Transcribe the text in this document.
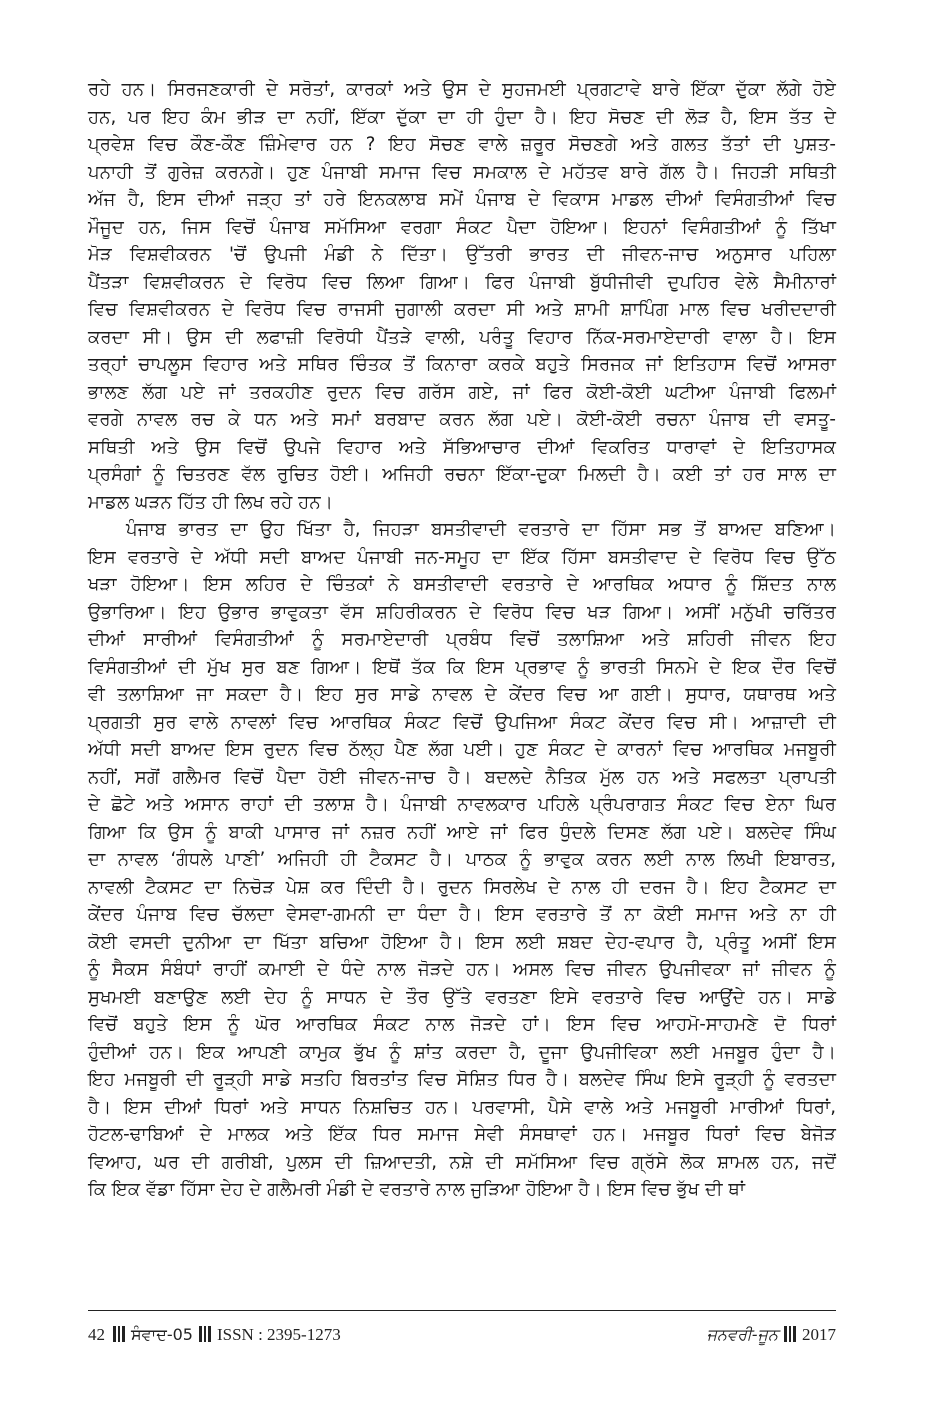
ਰਹੇ ਹਨ। ਸਿਰਜਣਕਾਰੀ ਦੇ ਸਰੋਤਾਂ, ਕਾਰਕਾਂ ਅਤੇ ਉਸ ਦੇ ਸੁਹਜਮਈ ਪ੍ਰਗਟਾਵੇ ਬਾਰੇ ਇੱਕਾ ਦੁੱਕਾ ਲੱਗੇ ਹੋਏ
ਹਨ, ਪਰ ਇਹ ਕੰਮ ਭੀੜ ਦਾ ਨਹੀਂ, ਇੱਕਾ ਦੁੱਕਾ ਦਾ ਹੀ ਹੁੰਦਾ ਹੈ। ਇਹ ਸੋਚਣ ਦੀ ਲੋੜ ਹੈ, ਇਸ ਤੱਤ ਦੇ
ਪ੍ਰਵੇਸ਼ ਵਿਚ ਕੌਣ-ਕੌਣ ਜ਼ਿੰਮੇਵਾਰ ਹਨ ? ਇਹ ਸੋਚਣ ਵਾਲੇ ਜ਼ਰੂਰ ਸੋਚਣਗੇ ਅਤੇ ਗਲਤ ਤੱਤਾਂ ਦੀ ਪੁਸ਼ਤ-
ਪਨਾਹੀ ਤੋਂ ਗੁਰੇਜ਼ ਕਰਨਗੇ। ਹੁਣ ਪੰਜਾਬੀ ਸਮਾਜ ਵਿਚ ਸਮਕਾਲ ਦੇ ਮਹੱਤਵ ਬਾਰੇ ਗੱਲ ਹੈ। ਜਿਹੜੀ ਸਥਿਤੀ
ਅੱਜ ਹੈ, ਇਸ ਦੀਆਂ ਜੜ੍ਹ ਤਾਂ ਹਰੇ ਇਨਕਲਾਬ ਸਮੇਂ ਪੰਜਾਬ ਦੇ ਵਿਕਾਸ ਮਾਡਲ ਦੀਆਂ ਵਿਸੰਗਤੀਆਂ ਵਿਚ
ਮੌਜੂਦ ਹਨ, ਜਿਸ ਵਿਚੋਂ ਪੰਜਾਬ ਸਮੱਸਿਆ ਵਰਗਾ ਸੰਕਟ ਪੈਦਾ ਹੋਇਆ। ਇਹਨਾਂ ਵਿਸੰਗਤੀਆਂ ਨੂੰ ਤਿੱਖਾ
ਮੋੜ ਵਿਸ਼ਵੀਕਰਨ 'ਚੋਂ ਉਪਜੀ ਮੰਡੀ ਨੇ ਦਿੱਤਾ। ਉੱਤਰੀ ਭਾਰਤ ਦੀ ਜੀਵਨ-ਜਾਚ ਅਨੁਸਾਰ ਪਹਿਲਾ
ਪੈਂਤੜਾ ਵਿਸ਼ਵੀਕਰਨ ਦੇ ਵਿਰੋਧ ਵਿਚ ਲਿਆ ਗਿਆ। ਫਿਰ ਪੰਜਾਬੀ ਬੁੱਧੀਜੀਵੀ ਦੁਪਹਿਰ ਵੇਲੇ ਸੈਮੀਨਾਰਾਂ
ਵਿਚ ਵਿਸ਼ਵੀਕਰਨ ਦੇ ਵਿਰੋਧ ਵਿਚ ਰਾਜਸੀ ਜੁਗਾਲੀ ਕਰਦਾ ਸੀ ਅਤੇ ਸ਼ਾਮੀ ਸ਼ਾਪਿੰਗ ਮਾਲ ਵਿਚ ਖਰੀਦਦਾਰੀ
ਕਰਦਾ ਸੀ। ਉਸ ਦੀ ਲਫਾਜ਼ੀ ਵਿਰੋਧੀ ਪੈਂਤੜੇ ਵਾਲੀ, ਪਰੰਤੂ ਵਿਹਾਰ ਨਿੱਕ-ਸਰਮਾਏਦਾਰੀ ਵਾਲਾ ਹੈ। ਇਸ
ਤਰ੍ਹਾਂ ਚਾਪਲੂਸ ਵਿਹਾਰ ਅਤੇ ਸਥਿਰ ਚਿੰਤਕ ਤੋਂ ਕਿਨਾਰਾ ਕਰਕੇ ਬਹੁਤੇ ਸਿਰਜਕ ਜਾਂ ਇਤਿਹਾਸ ਵਿਚੋਂ ਆਸਰਾ
ਭਾਲਣ ਲੱਗ ਪਏ ਜਾਂ ਤਰਕਹੀਣ ਰੁਦਨ ਵਿਚ ਗਰੱਸ ਗਏ, ਜਾਂ ਫਿਰ ਕੋਈ-ਕੋਈ ਘਟੀਆ ਪੰਜਾਬੀ ਫਿਲਮਾਂ
ਵਰਗੇ ਨਾਵਲ ਰਚ ਕੇ ਧਨ ਅਤੇ ਸਮਾਂ ਬਰਬਾਦ ਕਰਨ ਲੱਗ ਪਏ। ਕੋਈ-ਕੋਈ ਰਚਨਾ ਪੰਜਾਬ ਦੀ ਵਸਤੂ-
ਸਥਿਤੀ ਅਤੇ ਉਸ ਵਿਚੋਂ ਉਪਜੇ ਵਿਹਾਰ ਅਤੇ ਸੱਭਿਆਚਾਰ ਦੀਆਂ ਵਿਕਰਿਤ ਧਾਰਾਵਾਂ ਦੇ ਇਤਿਹਾਸਕ
ਪ੍ਰਸੰਗਾਂ ਨੂੰ ਚਿਤਰਣ ਵੱਲ ਰੁਚਿਤ ਹੋਈ। ਅਜਿਹੀ ਰਚਨਾ ਇੱਕਾ-ਦੁਕਾ ਮਿਲਦੀ ਹੈ। ਕਈ ਤਾਂ ਹਰ ਸਾਲ ਦਾ
ਮਾਡਲ ਘੜਨ ਹਿੱਤ ਹੀ ਲਿਖ ਰਹੇ ਹਨ।
ਪੰਜਾਬ ਭਾਰਤ ਦਾ ਉਹ ਖਿੱਤਾ ਹੈ, ਜਿਹੜਾ ਬਸਤੀਵਾਦੀ ਵਰਤਾਰੇ ਦਾ ਹਿੱਸਾ ਸਭ ਤੋਂ ਬਾਅਦ ਬਣਿਆ।
ਇਸ ਵਰਤਾਰੇ ਦੇ ਅੱਧੀ ਸਦੀ ਬਾਅਦ ਪੰਜਾਬੀ ਜਨ-ਸਮੂਹ ਦਾ ਇੱਕ ਹਿੱਸਾ ਬਸਤੀਵਾਦ ਦੇ ਵਿਰੋਧ ਵਿਚ ਉੱਠ
ਖੜਾ ਹੋਇਆ। ਇਸ ਲਹਿਰ ਦੇ ਚਿੰਤਕਾਂ ਨੇ ਬਸਤੀਵਾਦੀ ਵਰਤਾਰੇ ਦੇ ਆਰਥਿਕ ਅਧਾਰ ਨੂੰ ਸ਼ਿੱਦਤ ਨਾਲ
ਉਭਾਰਿਆ। ਇਹ ਉਭਾਰ ਭਾਵੁਕਤਾ ਵੱਸ ਸ਼ਹਿਰੀਕਰਨ ਦੇ ਵਿਰੋਧ ਵਿਚ ਖੜ ਗਿਆ। ਅਸੀਂ ਮਨੁੱਖੀ ਚਰਿੱਤਰ
ਦੀਆਂ ਸਾਰੀਆਂ ਵਿਸੰਗਤੀਆਂ ਨੂੰ ਸਰਮਾਏਦਾਰੀ ਪ੍ਰਬੰਧ ਵਿਚੋਂ ਤਲਾਸ਼ਿਆ ਅਤੇ ਸ਼ਹਿਰੀ ਜੀਵਨ ਇਹ
ਵਿਸੰਗਤੀਆਂ ਦੀ ਮੁੱਖ ਸੁਰ ਬਣ ਗਿਆ। ਇਥੋਂ ਤੱਕ ਕਿ ਇਸ ਪ੍ਰਭਾਵ ਨੂੰ ਭਾਰਤੀ ਸਿਨਮੇ ਦੇ ਇਕ ਦੌਰ ਵਿਚੋਂ
ਵੀ ਤਲਾਸ਼ਿਆ ਜਾ ਸਕਦਾ ਹੈ। ਇਹ ਸੁਰ ਸਾਡੇ ਨਾਵਲ ਦੇ ਕੇਂਦਰ ਵਿਚ ਆ ਗਈ। ਸੁਧਾਰ, ਯਥਾਰਥ ਅਤੇ
ਪ੍ਰਗਤੀ ਸੁਰ ਵਾਲੇ ਨਾਵਲਾਂ ਵਿਚ ਆਰਥਿਕ ਸੰਕਟ ਵਿਚੋਂ ਉਪਜਿਆ ਸੰਕਟ ਕੇਂਦਰ ਵਿਚ ਸੀ। ਆਜ਼ਾਦੀ ਦੀ
ਅੱਧੀ ਸਦੀ ਬਾਅਦ ਇਸ ਰੁਦਨ ਵਿਚ ਠੱਲ੍ਹ ਪੈਣ ਲੱਗ ਪਈ। ਹੁਣ ਸੰਕਟ ਦੇ ਕਾਰਨਾਂ ਵਿਚ ਆਰਥਿਕ ਮਜਬੂਰੀ
ਨਹੀਂ, ਸਗੋਂ ਗਲੈਮਰ ਵਿਚੋਂ ਪੈਦਾ ਹੋਈ ਜੀਵਨ-ਜਾਚ ਹੈ। ਬਦਲਦੇ ਨੈਤਿਕ ਮੁੱਲ ਹਨ ਅਤੇ ਸਫਲਤਾ ਪ੍ਰਾਪਤੀ
ਦੇ ਛੋਟੇ ਅਤੇ ਅਸਾਨ ਰਾਹਾਂ ਦੀ ਤਲਾਸ਼ ਹੈ। ਪੰਜਾਬੀ ਨਾਵਲਕਾਰ ਪਹਿਲੇ ਪ੍ਰੰਪਰਾਗਤ ਸੰਕਟ ਵਿਚ ਏਨਾ ਘਿਰ
ਗਿਆ ਕਿ ਉਸ ਨੂੰ ਬਾਕੀ ਪਾਸਾਰ ਜਾਂ ਨਜ਼ਰ ਨਹੀਂ ਆਏ ਜਾਂ ਫਿਰ ਧੁੰਦਲੇ ਦਿਸਣ ਲੱਗ ਪਏ। ਬਲਦੇਵ ਸਿੰਘ
ਦਾ ਨਾਵਲ ‘ਗੰਧਲੇ ਪਾਣੀ’ ਅਜਿਹੀ ਹੀ ਟੈਕਸਟ ਹੈ। ਪਾਠਕ ਨੂੰ ਭਾਵੁਕ ਕਰਨ ਲਈ ਨਾਲ ਲਿਖੀ ਇਬਾਰਤ,
ਨਾਵਲੀ ਟੈਕਸਟ ਦਾ ਨਿਚੋੜ ਪੇਸ਼ ਕਰ ਦਿੰਦੀ ਹੈ। ਰੁਦਨ ਸਿਰਲੇਖ ਦੇ ਨਾਲ ਹੀ ਦਰਜ ਹੈ। ਇਹ ਟੈਕਸਟ ਦਾ
ਕੇਂਦਰ ਪੰਜਾਬ ਵਿਚ ਚੱਲਦਾ ਵੇਸਵਾ-ਗਮਨੀ ਦਾ ਧੰਦਾ ਹੈ। ਇਸ ਵਰਤਾਰੇ ਤੋਂ ਨਾ ਕੋਈ ਸਮਾਜ ਅਤੇ ਨਾ ਹੀ
ਕੋਈ ਵਸਦੀ ਦੁਨੀਆ ਦਾ ਖਿੱਤਾ ਬਚਿਆ ਹੋਇਆ ਹੈ। ਇਸ ਲਈ ਸ਼ਬਦ ਦੇਹ-ਵਪਾਰ ਹੈ, ਪ੍ਰੰਤੂ ਅਸੀਂ ਇਸ
ਨੂੰ ਸੈਕਸ ਸੰਬੰਧਾਂ ਰਾਹੀਂ ਕਮਾਈ ਦੇ ਧੰਦੇ ਨਾਲ ਜੋੜਦੇ ਹਨ। ਅਸਲ ਵਿਚ ਜੀਵਨ ਉਪਜੀਵਕਾ ਜਾਂ ਜੀਵਨ ਨੂੰ
ਸੁਖਮਈ ਬਣਾਉਣ ਲਈ ਦੇਹ ਨੂੰ ਸਾਧਨ ਦੇ ਤੌਰ ਉੱਤੇ ਵਰਤਣਾ ਇਸੇ ਵਰਤਾਰੇ ਵਿਚ ਆਉਂਦੇ ਹਨ। ਸਾਡੇ
ਵਿਚੋਂ ਬਹੁਤੇ ਇਸ ਨੂੰ ਘੋਰ ਆਰਥਿਕ ਸੰਕਟ ਨਾਲ ਜੋੜਦੇ ਹਾਂ। ਇਸ ਵਿਚ ਆਹਮੋ-ਸਾਹਮਣੇ ਦੋ ਧਿਰਾਂ
ਹੁੰਦੀਆਂ ਹਨ। ਇਕ ਆਪਣੀ ਕਾਮੁਕ ਭੁੱਖ ਨੂੰ ਸ਼ਾਂਤ ਕਰਦਾ ਹੈ, ਦੂਜਾ ਉਪਜੀਵਿਕਾ ਲਈ ਮਜਬੂਰ ਹੁੰਦਾ ਹੈ।
ਇਹ ਮਜਬੂਰੀ ਦੀ ਰੂੜ੍ਹੀ ਸਾਡੇ ਸਤਹਿ ਬਿਰਤਾਂਤ ਵਿਚ ਸੋਸ਼ਿਤ ਧਿਰ ਹੈ। ਬਲਦੇਵ ਸਿੰਘ ਇਸੇ ਰੂੜ੍ਹੀ ਨੂੰ ਵਰਤਦਾ
ਹੈ। ਇਸ ਦੀਆਂ ਧਿਰਾਂ ਅਤੇ ਸਾਧਨ ਨਿਸ਼ਚਿਤ ਹਨ। ਪਰਵਾਸੀ, ਪੈਸੇ ਵਾਲੇ ਅਤੇ ਮਜਬੂਰੀ ਮਾਰੀਆਂ ਧਿਰਾਂ,
ਹੋਟਲ-ਢਾਬਿਆਂ ਦੇ ਮਾਲਕ ਅਤੇ ਇੱਕ ਧਿਰ ਸਮਾਜ ਸੇਵੀ ਸੰਸਥਾਵਾਂ ਹਨ। ਮਜਬੂਰ ਧਿਰਾਂ ਵਿਚ ਬੇਜੋੜ
ਵਿਆਹ, ਘਰ ਦੀ ਗਰੀਬੀ, ਪੁਲਸ ਦੀ ਜ਼ਿਆਦਤੀ, ਨਸ਼ੇ ਦੀ ਸਮੱਸਿਆ ਵਿਚ ਗ੍ਰੱਸੇ ਲੋਕ ਸ਼ਾਮਲ ਹਨ, ਜਦੋਂ
ਕਿ ਇਕ ਵੱਡਾ ਹਿੱਸਾ ਦੇਹ ਦੇ ਗਲੈਮਰੀ ਮੰਡੀ ਦੇ ਵਰਤਾਰੇ ਨਾਲ ਜੁੜਿਆ ਹੋਇਆ ਹੈ। ਇਸ ਵਿਚ ਭੁੱਖ ਦੀ ਥਾਂ
42 ਸੰਵਾਦ-05 ISSN : 2395-1273	ਜਨਵਰੀ-ਜੂਨ 2017
